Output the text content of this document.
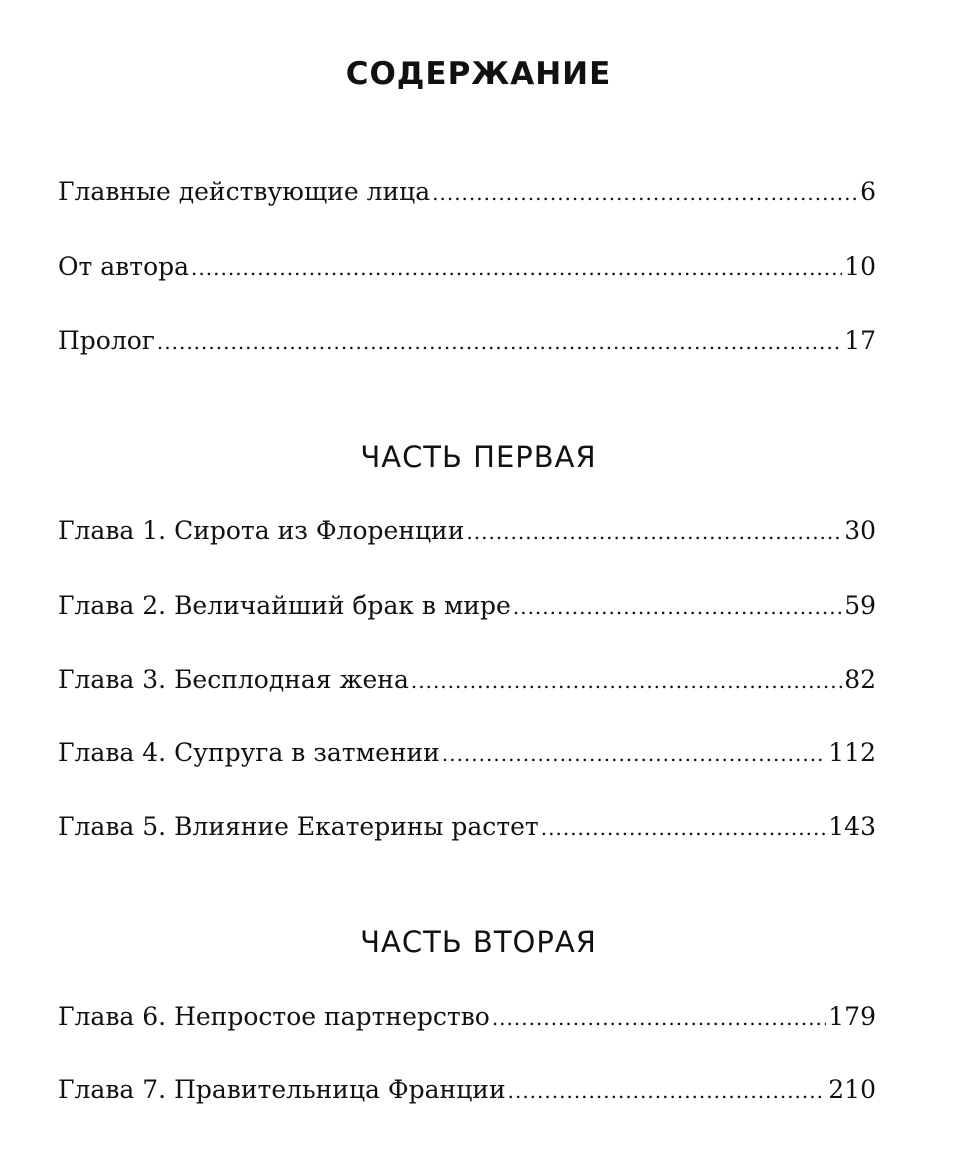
СОДЕРЖАНИЕ
Главные действующие лица .....	6
От автора .....	10
Пролог .....	17
ЧАСТЬ ПЕРВАЯ
Глава 1. Сирота из Флоренции .....	30
Глава 2. Величайший брак в мире .....	59
Глава 3. Бесплодная жена .....	82
Глава 4. Супруга в затмении .....	112
Глава 5. Влияние Екатерины растет .....	143
ЧАСТЬ ВТОРАЯ
Глава 6. Непростое партнерство .....	179
Глава 7. Правительница Франции .....	210
